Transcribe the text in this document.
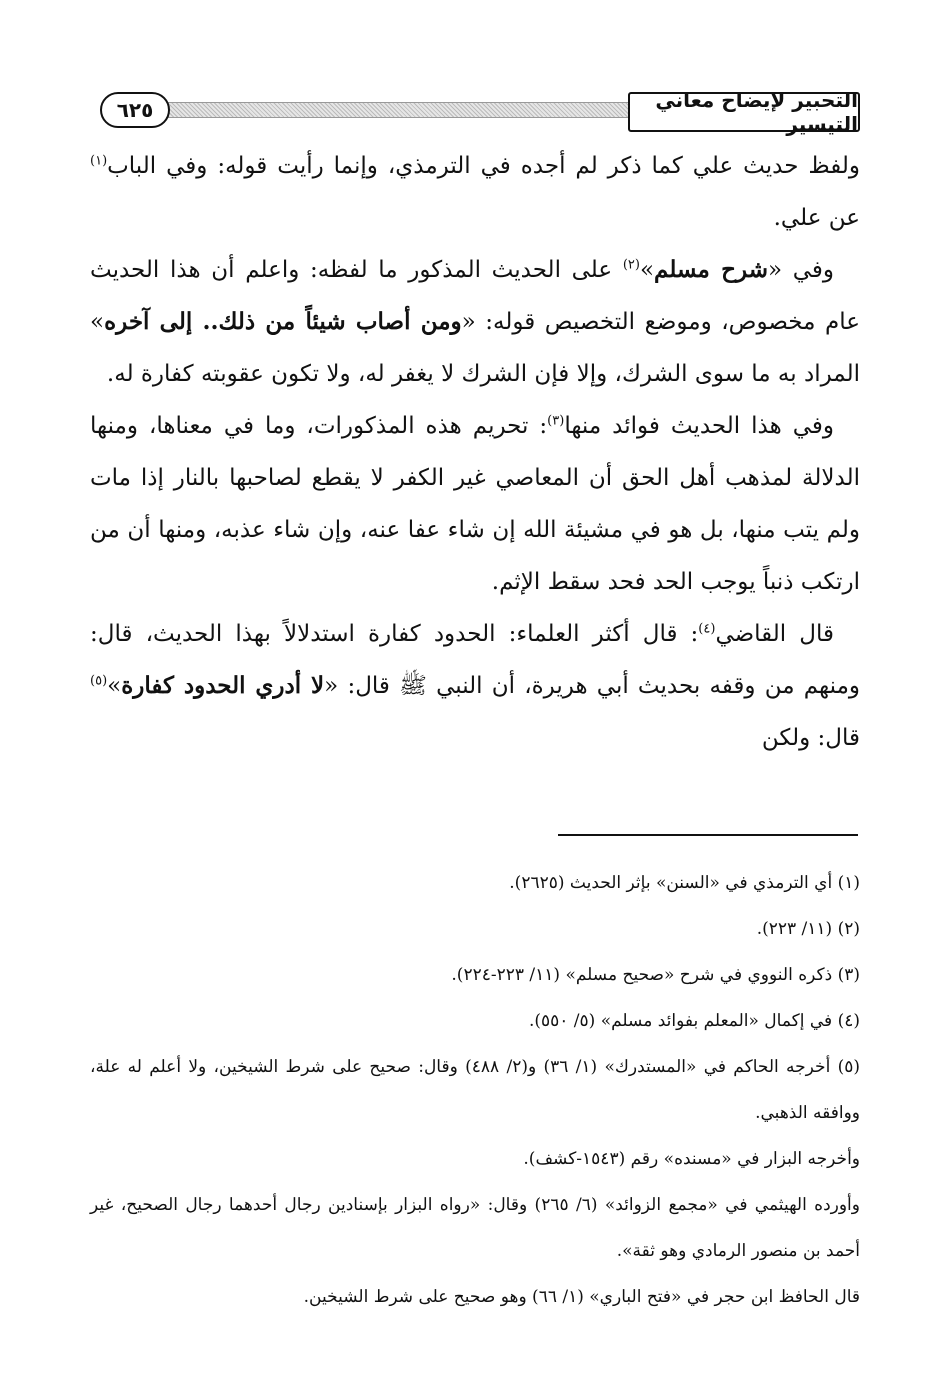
٦٢٥	التحبير لإيضاح معاني التيسير

ولفظ حديث علي كما ذكر لم أجده في الترمذي، وإنما رأيت قوله: وفي الباب$^{(١)}$ عن علي.

وفي «شرح مسلم»$^{(٢)}$ على الحديث المذكور ما لفظه: واعلم أن هذا الحديث عام مخصوص، وموضع التخصيص قوله: «ومن أصاب شيئاً من ذلك.. إلى آخره» المراد به ما سوى الشرك، وإلا فإن الشرك لا يغفر له، ولا تكون عقوبته كفارة له.

وفي هذا الحديث فوائد منها$^{(٣)}$: تحريم هذه المذكورات، وما في معناها، ومنها الدلالة لمذهب أهل الحق أن المعاصي غير الكفر لا يقطع لصاحبها بالنار إذا مات ولم يتب منها، بل هو في مشيئة الله إن شاء عفا عنه، وإن شاء عذبه، ومنها أن من ارتكب ذنباً يوجب الحد فحد سقط الإثم.

قال القاضي$^{(٤)}$: قال أكثر العلماء: الحدود كفارة استدلالاً بهذا الحديث، قال: ومنهم من وقفه بحديث أبي هريرة، أن النبي ﷺ قال: «لا أدري الحدود كفارة»$^{(٥)}$ قال: ولكن

(١) أي الترمذي في «السنن» بإثر الحديث (٢٦٢٥).

(٢) (١١/ ٢٢٣).

(٣) ذكره النووي في شرح «صحيح مسلم» (١١/ ٢٢٣-٢٢٤).

(٤) في إكمال «المعلم بفوائد مسلم» (٥/ ٥٥٠).

(٥) أخرجه الحاكم في «المستدرك» (١/ ٣٦) و(٢/ ٤٨٨) وقال: صحيح على شرط الشيخين، ولا أعلم له علة، ووافقه الذهبي.

وأخرجه البزار في «مسنده» رقم (١٥٤٣-كشف).

وأورده الهيثمي في «مجمع الزوائد» (٦/ ٢٦٥) وقال: «رواه البزار بإسنادين رجال أحدهما رجال الصحيح، غير أحمد بن منصور الرمادي وهو ثقة».

قال الحافظ ابن حجر في «فتح الباري» (١/ ٦٦) وهو صحيح على شرط الشيخين.
